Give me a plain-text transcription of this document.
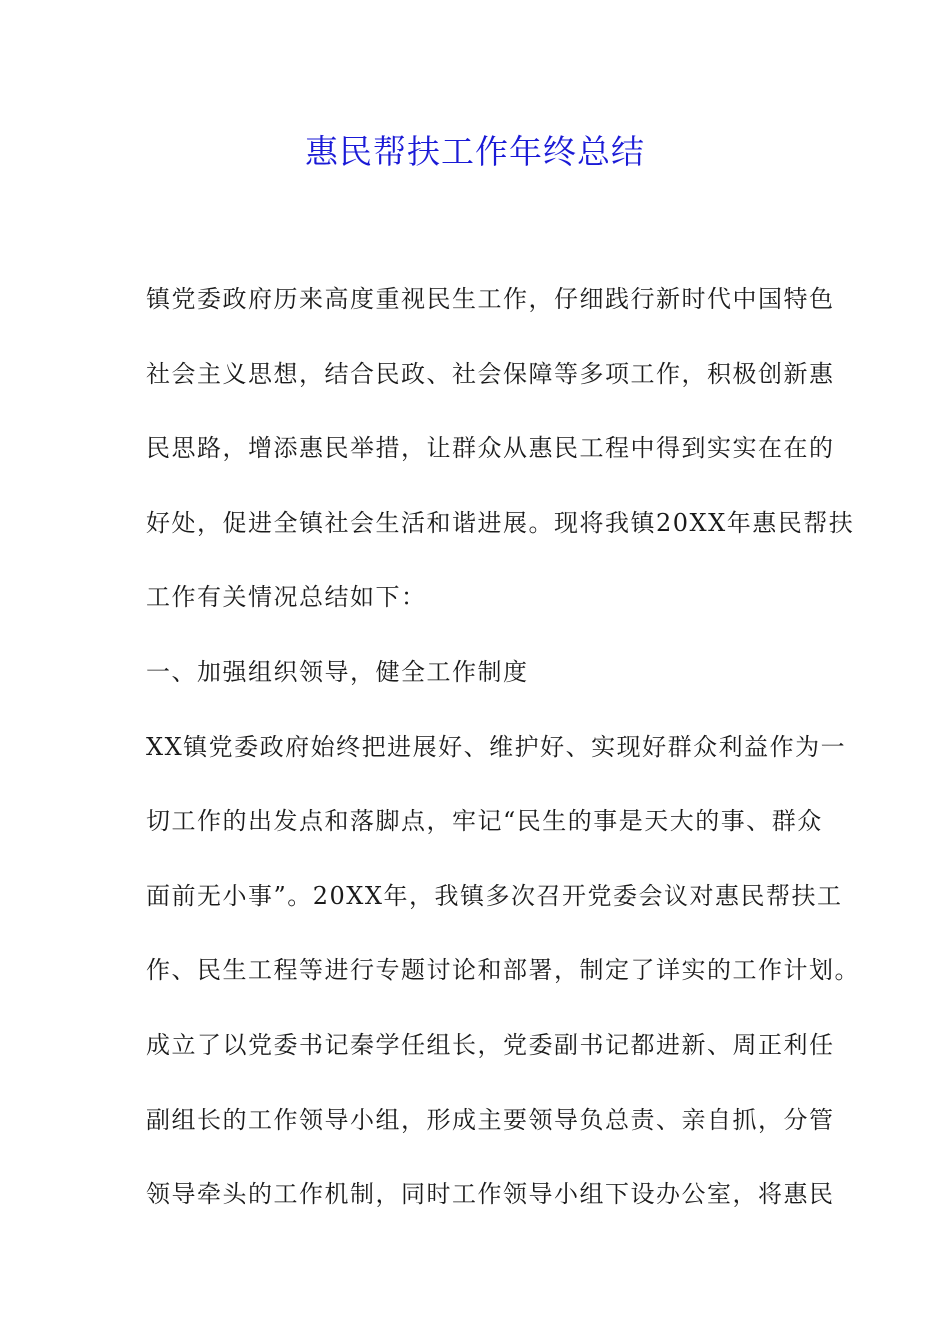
惠民帮扶工作年终总结
镇党委政府历来高度重视民生工作，仔细践行新时代中国特色
社会主义思想，结合民政、社会保障等多项工作，积极创新惠
民思路，增添惠民举措，让群众从惠民工程中得到实实在在的
好处，促进全镇社会生活和谐进展。现将我镇20XX年惠民帮扶
工作有关情况总结如下：
一、加强组织领导，健全工作制度
XX镇党委政府始终把进展好、维护好、实现好群众利益作为一
切工作的出发点和落脚点，牢记“民生的事是天大的事、群众
面前无小事”。20XX年，我镇多次召开党委会议对惠民帮扶工
作、民生工程等进行专题讨论和部署，制定了详实的工作计划。
成立了以党委书记秦学任组长，党委副书记都进新、周正利任
副组长的工作领导小组，形成主要领导负总责、亲自抓，分管
领导牵头的工作机制，同时工作领导小组下设办公室，将惠民
